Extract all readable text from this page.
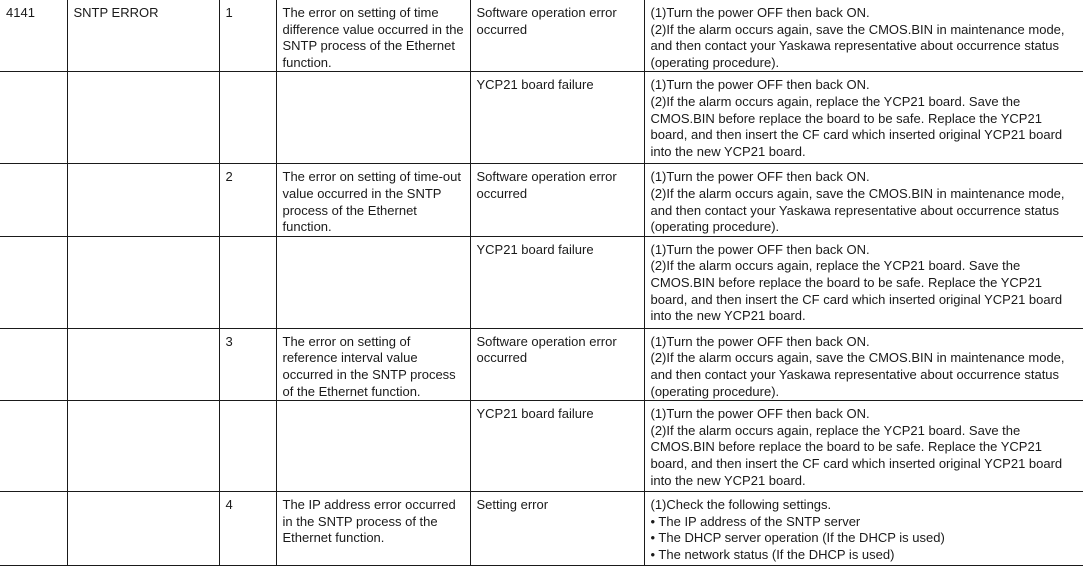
4141	SNTP ERROR	1	The error on setting of time difference value occurred in the SNTP process of the Ethernet function.	Software operation error occurred	(1)Turn the power OFF then back ON.
(2)If the alarm occurs again, save the CMOS.BIN in maintenance mode, and then contact your Yaskawa representative about occurrence status (operating procedure).

				YCP21 board failure	(1)Turn the power OFF then back ON.
(2)If the alarm occurs again, replace the YCP21 board. Save the CMOS.BIN before replace the board to be safe. Replace the YCP21 board, and then insert the CF card which inserted original YCP21 board into the new YCP21 board.

		2	The error on setting of time-out value occurred in the SNTP process of the Ethernet function.	Software operation error occurred	(1)Turn the power OFF then back ON.
(2)If the alarm occurs again, save the CMOS.BIN in maintenance mode, and then contact your Yaskawa representative about occurrence status (operating procedure).

				YCP21 board failure	(1)Turn the power OFF then back ON.
(2)If the alarm occurs again, replace the YCP21 board. Save the CMOS.BIN before replace the board to be safe. Replace the YCP21 board, and then insert the CF card which inserted original YCP21 board into the new YCP21 board.

		3	The error on setting of reference interval value occurred in the SNTP process of the Ethernet function.	Software operation error occurred	(1)Turn the power OFF then back ON.
(2)If the alarm occurs again, save the CMOS.BIN in maintenance mode, and then contact your Yaskawa representative about occurrence status (operating procedure).

				YCP21 board failure	(1)Turn the power OFF then back ON.
(2)If the alarm occurs again, replace the YCP21 board. Save the CMOS.BIN before replace the board to be safe. Replace the YCP21 board, and then insert the CF card which inserted original YCP21 board into the new YCP21 board.

		4	The IP address error occurred in the SNTP process of the Ethernet function.	Setting error	(1)Check the following settings.
• The IP address of the SNTP server
• The DHCP server operation (If the DHCP is used)
• The network status (If the DHCP is used)
